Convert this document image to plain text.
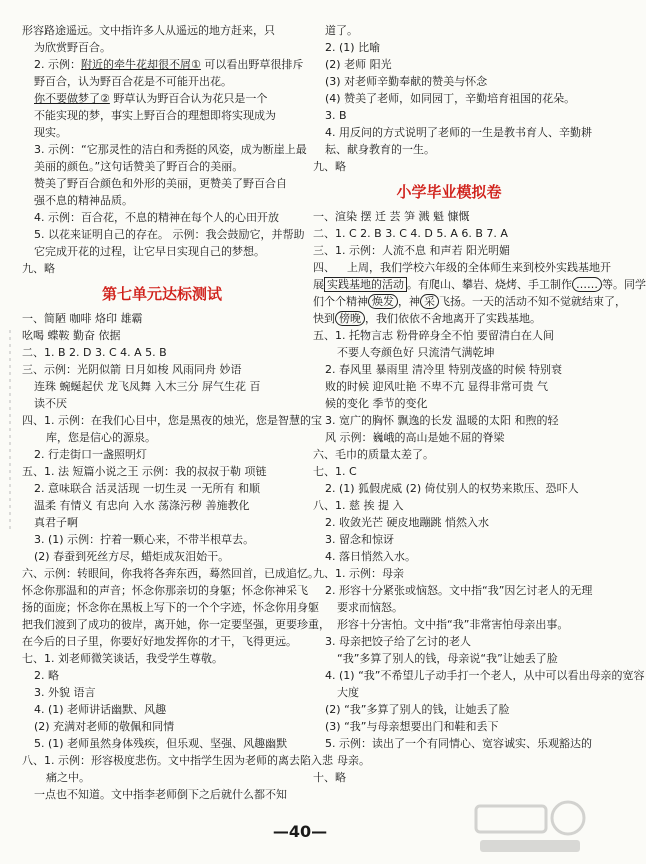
形容路途遥远。文中指许多人从遥远的地方赶来，只
为欣赏野百合。
2. 示例：附近的牵牛花却很不屑① 可以看出野草很排斥
野百合，认为野百合花是不可能开出花。
你不要做梦了② 野草认为野百合认为花只是一个
不能实现的梦，事实上野百合的理想即将实现成为
现实。
3. 示例：“它那灵性的洁白和秀挺的风姿，成为断崖上最
美丽的颜色。”这句话赞美了野百合的美丽。
赞美了野百合颜色和外形的美丽，更赞美了野百合自
强不息的精神品质。
4. 示例：百合花，不息的精神在每个人的心田开放
5. 以花来证明自己的存在。 示例：我会鼓励它，并帮助
它完成开花的过程，让它早日实现自己的梦想。
九、略
第七单元达标测试
一、简陋 咖啡 烙印 雄霸
吆喝 蝶鞍 勤奋 依据
二、1. B 2. D 3. C 4. A 5. B
三、示例：光阴似箭 日月如梭 风雨同舟 妙语
连珠 蜿蜒起伏 龙飞凤舞 入木三分 屏气生花 百
读不厌
四、1. 示例：在我们心目中，您是黑夜的烛光，您是智慧的宝
库，您是信心的源泉。
2. 行走街口一盏照明灯
五、1. 法 短篇小说之王 示例：我的叔叔于勒 项链
2. 意味联合 活灵活现 一切生灵 一无所有 和顺
温柔 有情义 有忠向 入水 荡涤污秽 善施教化
真君子啊
3. (1) 示例：拧着一颗心来，不带半根草去。
(2) 春蚕到死丝方尽，蜡炬成灰泪始干。
六、示例：转眼间，你我将各奔东西，蓦然回首，已成追忆。
怀念你那温和的声音；怀念你那亲切的身躯；怀念你神采飞
扬的面庞；怀念你在黑板上写下的一个个字迹，怀念你用身躯
把我们渡到了成功的彼岸，离开她，你一定要坚强，更要珍重，
在今后的日子里，你要好好地发挥你的才干，飞得更远。
七、1. 刘老师微笑谈话，我受学生尊敬。
2. 略
3. 外貌 语言
4. (1) 老师讲话幽默、风趣
(2) 充满对老师的敬佩和同情
5. (1) 老师虽然身体残疾，但乐观、坚强、风趣幽默
八、1. 示例：形容极度悲伤。文中指学生因为老师的离去陷入悲
痛之中。
一点也不知道。文中指李老师倒下之后就什么都不知
道了。
2. (1) 比喻
(2) 老师 阳光
(3) 对老师辛勤奉献的赞美与怀念
(4) 赞美了老师，如同园丁，辛勤培育祖国的花朵。
3. B
4. 用反问的方式说明了老师的一生是教书育人、辛勤耕
耘、献身教育的一生。
九、略
小学毕业模拟卷
一、渲染 摆 迁 芸 笋 溅 魁 慷慨
二、1. C 2. B 3. C 4. D 5. A 6. B 7. A
三、1. 示例：人流不息 和声若 阳光明媚
四、 上周，我们学校六年级的全体师生来到校外实践基地开
展 实践基地的活动 。有爬山、攀岩、烧烤、手工制作 …… 等。同学
们个个精神 焕发 ，神 采 飞扬。一天的活动不知不觉就结束了，
快到 傍晚 ，我们依依不舍地离开了实践基地。
五、1. 托物言志 粉骨碎身全不怕 要留清白在人间
不要人夸颜色好 只流清气满乾坤
2. 春风里 暴雨里 清冷里 特别茂盛的时候 特别衰
败的时候 迎风吐艳 不卑不亢 显得非常可贵 气
候的变化 季节的变化
3. 宽广的胸怀 飘逸的长发 温暖的太阳 和煦的轻
风 示例：巍峨的高山是她不屈的脊梁
六、毛巾的质量太差了。
七、1. C
2. (1) 狐假虎威 (2) 倚仗别人的权势来欺压、恐吓人
八、1. 慈 挨 提 入
2. 收敛光芒 硬皮地蹦跳 悄然入水
3. 留念和惊讶
4. 落日悄然入水。
九、1. 示例：母亲
2. 形容十分紧张或恼怒。文中指“我”因乞讨老人的无理
要求而恼怒。
形容十分害怕。文中指“我”非常害怕母亲出事。
3. 母亲把饺子给了乞讨的老人
“我”多算了别人的钱，母亲说“我”让她丢了脸
4. (1) “我”不希望儿子动手打一个老人，从中可以看出母亲的宽容
大度
(2) “我”多算了别人的钱，让她丢了脸
(3) “我”与母亲想要出门和鞋和丢下
5. 示例：读出了一个有同情心、宽容诚实、乐观豁达的
母亲。
十、略
—40—
